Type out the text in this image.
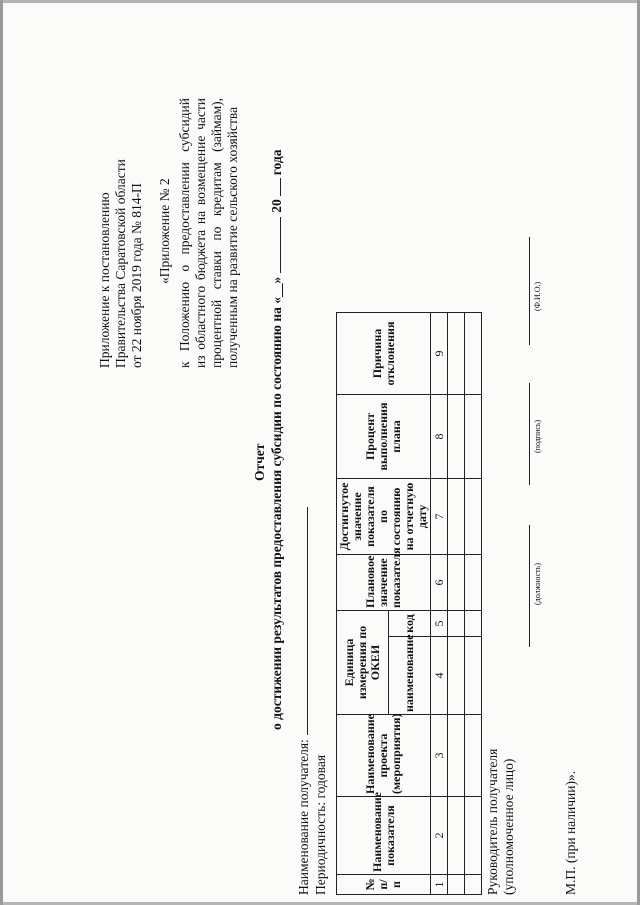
Приложение к постановлению Правительства Саратовской области от 22 ноября 2019 года № 814-П «Приложение № 2 к Положению о предоставлении субсидий из областного бюджета на возмещение части процентной ставки по кредитам (займам), полученным на развитие сельского хозяйства
Отчет о достижении результатов предоставления субсидии по состоянию на «__»20года
Наименование получателя: Периодичность: годовая	№ п/п	Наименование показателя	Наименование проекта (мероприятия)	Единица измерения по ОКЕИ		Плановое значение показателя	Достигнутое значение показателя по состоянию на отчетную дату	Процент выполнения плана	Причина отклонения
			наименование	код				
1	2	3	4	5	6	7	8	9

Руководитель получателя (уполномоченное лицо)
(должность)
(подпись)
(Ф.И.О.)
М.П. (при наличии)».
